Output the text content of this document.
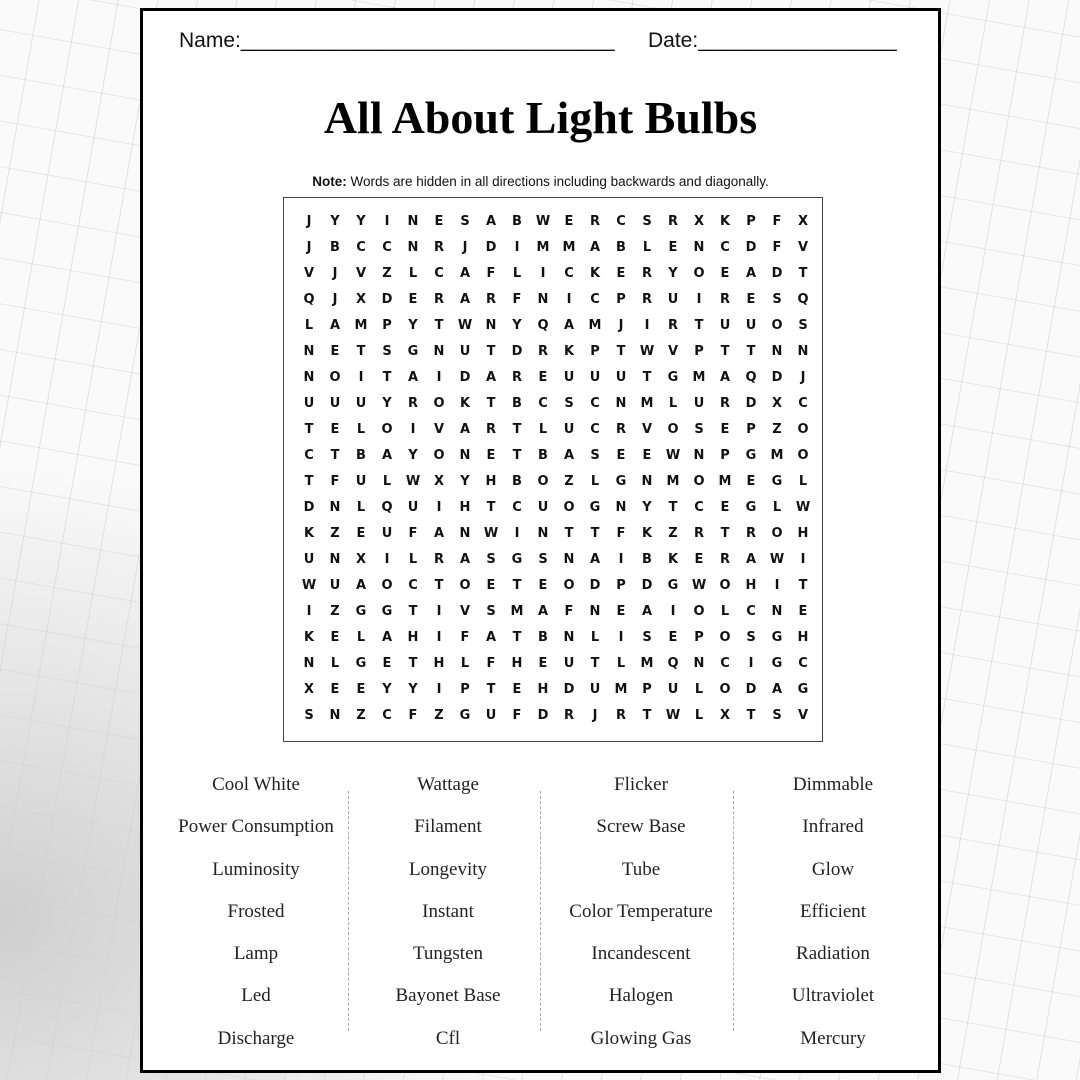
Name:________________________________ Date:_________________
All About Light Bulbs
Note: Words are hidden in all directions including backwards and diagonally.
J	Y	Y	I	N	E	S	A	B	W	E	R	C	S	R	X	K	P	F	X
J	B	C	C	N	R	J	D	I	M	M	A	B	L	E	N	C	D	F	V
V	J	V	Z	L	C	A	F	L	I	C	K	E	R	Y	O	E	A	D	T
Q	J	X	D	E	R	A	R	F	N	I	C	P	R	U	I	R	E	S	Q
L	A	M	P	Y	T	W	N	Y	Q	A	M	J	I	R	T	U	U	O	S
N	E	T	S	G	N	U	T	D	R	K	P	T	W	V	P	T	T	N	N
N	O	I	T	A	I	D	A	R	E	U	U	U	T	G	M	A	Q	D	J
U	U	U	Y	R	O	K	T	B	C	S	C	N	M	L	U	R	D	X	C
T	E	L	O	I	V	A	R	T	L	U	C	R	V	O	S	E	P	Z	O
C	T	B	A	Y	O	N	E	T	B	A	S	E	E	W	N	P	G	M	O
T	F	U	L	W	X	Y	H	B	O	Z	L	G	N	M	O	M	E	G	L
D	N	L	Q	U	I	H	T	C	U	O	G	N	Y	T	C	E	G	L	W
K	Z	E	U	F	A	N	W	I	N	T	T	F	K	Z	R	T	R	O	H
U	N	X	I	L	R	A	S	G	S	N	A	I	B	K	E	R	A	W	I
W	U	A	O	C	T	O	E	T	E	O	D	P	D	G	W	O	H	I	T
I	Z	G	G	T	I	V	S	M	A	F	N	E	A	I	O	L	C	N	E
K	E	L	A	H	I	F	A	T	B	N	L	I	S	E	P	O	S	G	H
N	L	G	E	T	H	L	F	H	E	U	T	L	M	Q	N	C	I	G	C
X	E	E	Y	Y	I	P	T	E	H	D	U	M	P	U	L	O	D	A	G
S	N	Z	C	F	Z	G	U	F	D	R	J	R	T	W	L	X	T	S	V
Cool White
Power Consumption
Luminosity
Frosted
Lamp
Led
Discharge
Wattage
Filament
Longevity
Instant
Tungsten
Bayonet Base
Cfl
Flicker
Screw Base
Tube
Color Temperature
Incandescent
Halogen
Glowing Gas
Dimmable
Infrared
Glow
Efficient
Radiation
Ultraviolet
Mercury
